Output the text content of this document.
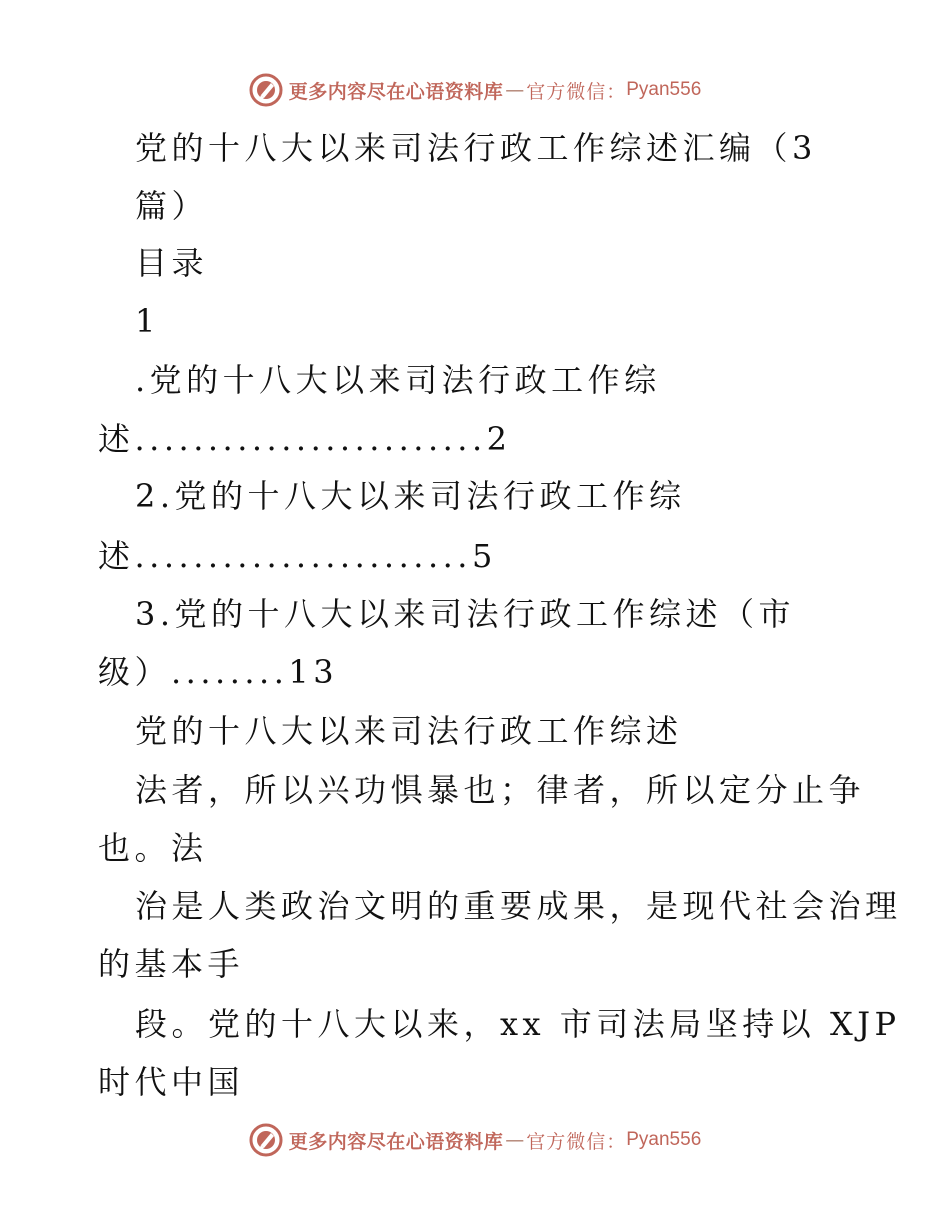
更多内容尽在心语资料库 — 官方微信： Pyan556
党的十八大以来司法行政工作综述汇编（3
篇）
目录
1
.党的十八大以来司法行政工作综
述........................2
2.党的十八大以来司法行政工作综
述.......................5
3.党的十八大以来司法行政工作综述（市
级）........13
党的十八大以来司法行政工作综述
法者，所以兴功惧暴也；律者，所以定分止争
也。法
治是人类政治文明的重要成果，是现代社会治理
的基本手
段。党的十八大以来，xx 市司法局坚持以 XJP
时代中国
更多内容尽在心语资料库 — 官方微信： Pyan556
